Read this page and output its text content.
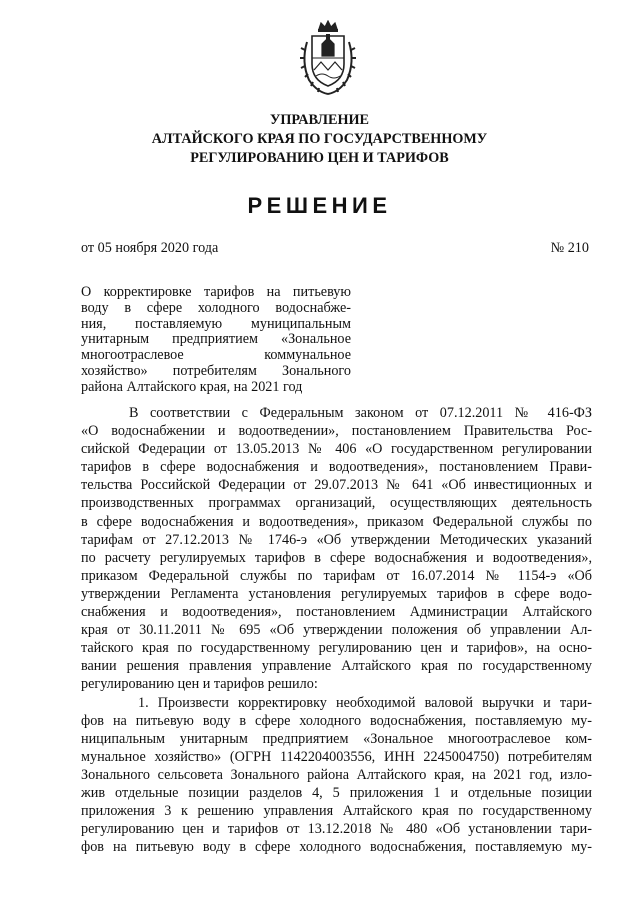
УПРАВЛЕНИЕ
АЛТАЙСКОГО КРАЯ ПО ГОСУДАРСТВЕННОМУ
РЕГУЛИРОВАНИЮ ЦЕН И ТАРИФОВ
РЕШЕНИЕ
от 05 ноября 2020 года	№ 210
О корректировке тарифов на питьевую
воду в сфере холодного водоснабже-
ния, поставляемую муниципальным
унитарным предприятием «Зональное
многоотраслевое коммунальное
хозяйство» потребителям Зонального
района Алтайского края, на 2021 год
В соответствии с Федеральным законом от 07.12.2011 № 416-ФЗ
«О водоснабжении и водоотведении», постановлением Правительства Рос-
сийской Федерации от 13.05.2013 № 406 «О государственном регулировании
тарифов в сфере водоснабжения и водоотведения», постановлением Прави-
тельства Российской Федерации от 29.07.2013 № 641 «Об инвестиционных и
производственных программах организаций, осуществляющих деятельность
в сфере водоснабжения и водоотведения», приказом Федеральной службы по
тарифам от 27.12.2013 № 1746-э «Об утверждении Методических указаний
по расчету регулируемых тарифов в сфере водоснабжения и водоотведения»,
приказом Федеральной службы по тарифам от 16.07.2014 № 1154-э «Об
утверждении Регламента установления регулируемых тарифов в сфере водо-
снабжения и водоотведения», постановлением Администрации Алтайского
края от 30.11.2011 № 695 «Об утверждении положения об управлении Ал-
тайского края по государственному регулированию цен и тарифов», на осно-
вании решения правления управление Алтайского края по государственному
регулированию цен и тарифов решило:
1. Произвести корректировку необходимой валовой выручки и тари-
фов на питьевую воду в сфере холодного водоснабжения, поставляемую му-
ниципальным унитарным предприятием «Зональное многоотраслевое ком-
мунальное хозяйство» (ОГРН 1142204003556, ИНН 2245004750) потребителям
Зонального сельсовета Зонального района Алтайского края, на 2021 год, изло-
жив отдельные позиции разделов 4, 5 приложения 1 и отдельные позиции
приложения 3 к решению управления Алтайского края по государственному
регулированию цен и тарифов от 13.12.2018 № 480 «Об установлении тари-
фов на питьевую воду в сфере холодного водоснабжения, поставляемую му-
